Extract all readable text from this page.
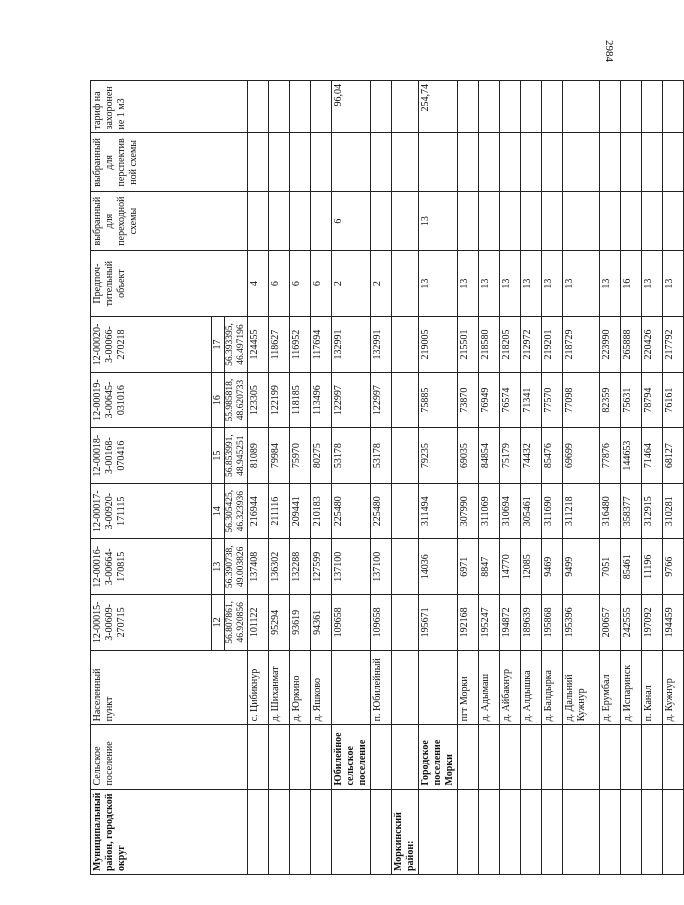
2984
Муниципальный район, городской округ	Сельское поселение	Населенный пункт	12-00015-З-00609-270715	12-00016-З-00664-170815	12-00017-З-00920-171115	12-00018-З-00168-070416	12-00019-З-00645-031016	12-00020-З-00066-270218	Предпоч-тительный объект	выбранный для переходной схемы	выбранный для перспективной схемы	тариф на захоронение 1 м3
			12	13	14	15	16	17				
			56.807861, 46.920856	56.390738, 49.003826	56.305425, 46.323936	56.853991, 48.945251	55.985818, 48.620733	56.393395, 46.497196				
		с. Цибикнур	101122	137408	216944	81089	123305	124455	4			
		д. Шиханмат	95294	136302	211116	79984	122199	118627	6			
		д. Юркино	93619	132288	209441	75970	118185	116952	6			
		д. Яшково	94361	127599	210183	80275	113496	117694	6			
	Юбилейное сельское поселение		109658	137100	225480	53178	122997	132991	2	6		96,04
		п. Юбилейный	109658	137100	225480	53178	122997	132991	2			
Моркинский район:												
	Городское поселение Морки		195671	14036	311494	79235	75885	219005	13	13		254,74
		пгт Морки	192168	6971	307990	69035	73870	215501	13			
		д. Адымаш	195247	8847	311069	84854	76949	218580	13			
		д. Айбакнур	194872	14770	310694	75179	76574	218205	13			
		д. Алдышка	189639	12085	305461	74432	71341	212972	13			
		д. Балдырка	195868	9469	311690	85476	77570	219201	13			
		д. Дальний Кужнур	195396	9499	311218	69699	77098	218729	13			
		д. Ерумбал	200657	7051	316480	77876	82359	223990	13			
		д. Испаринск	242555	85461	358377	144653	75631	265888	16			
		п. Канал	197092	11196	312915	71464	78794	220426	13			
		д. Кужнур	194459	9766	310281	68127	76161	217792	13			
